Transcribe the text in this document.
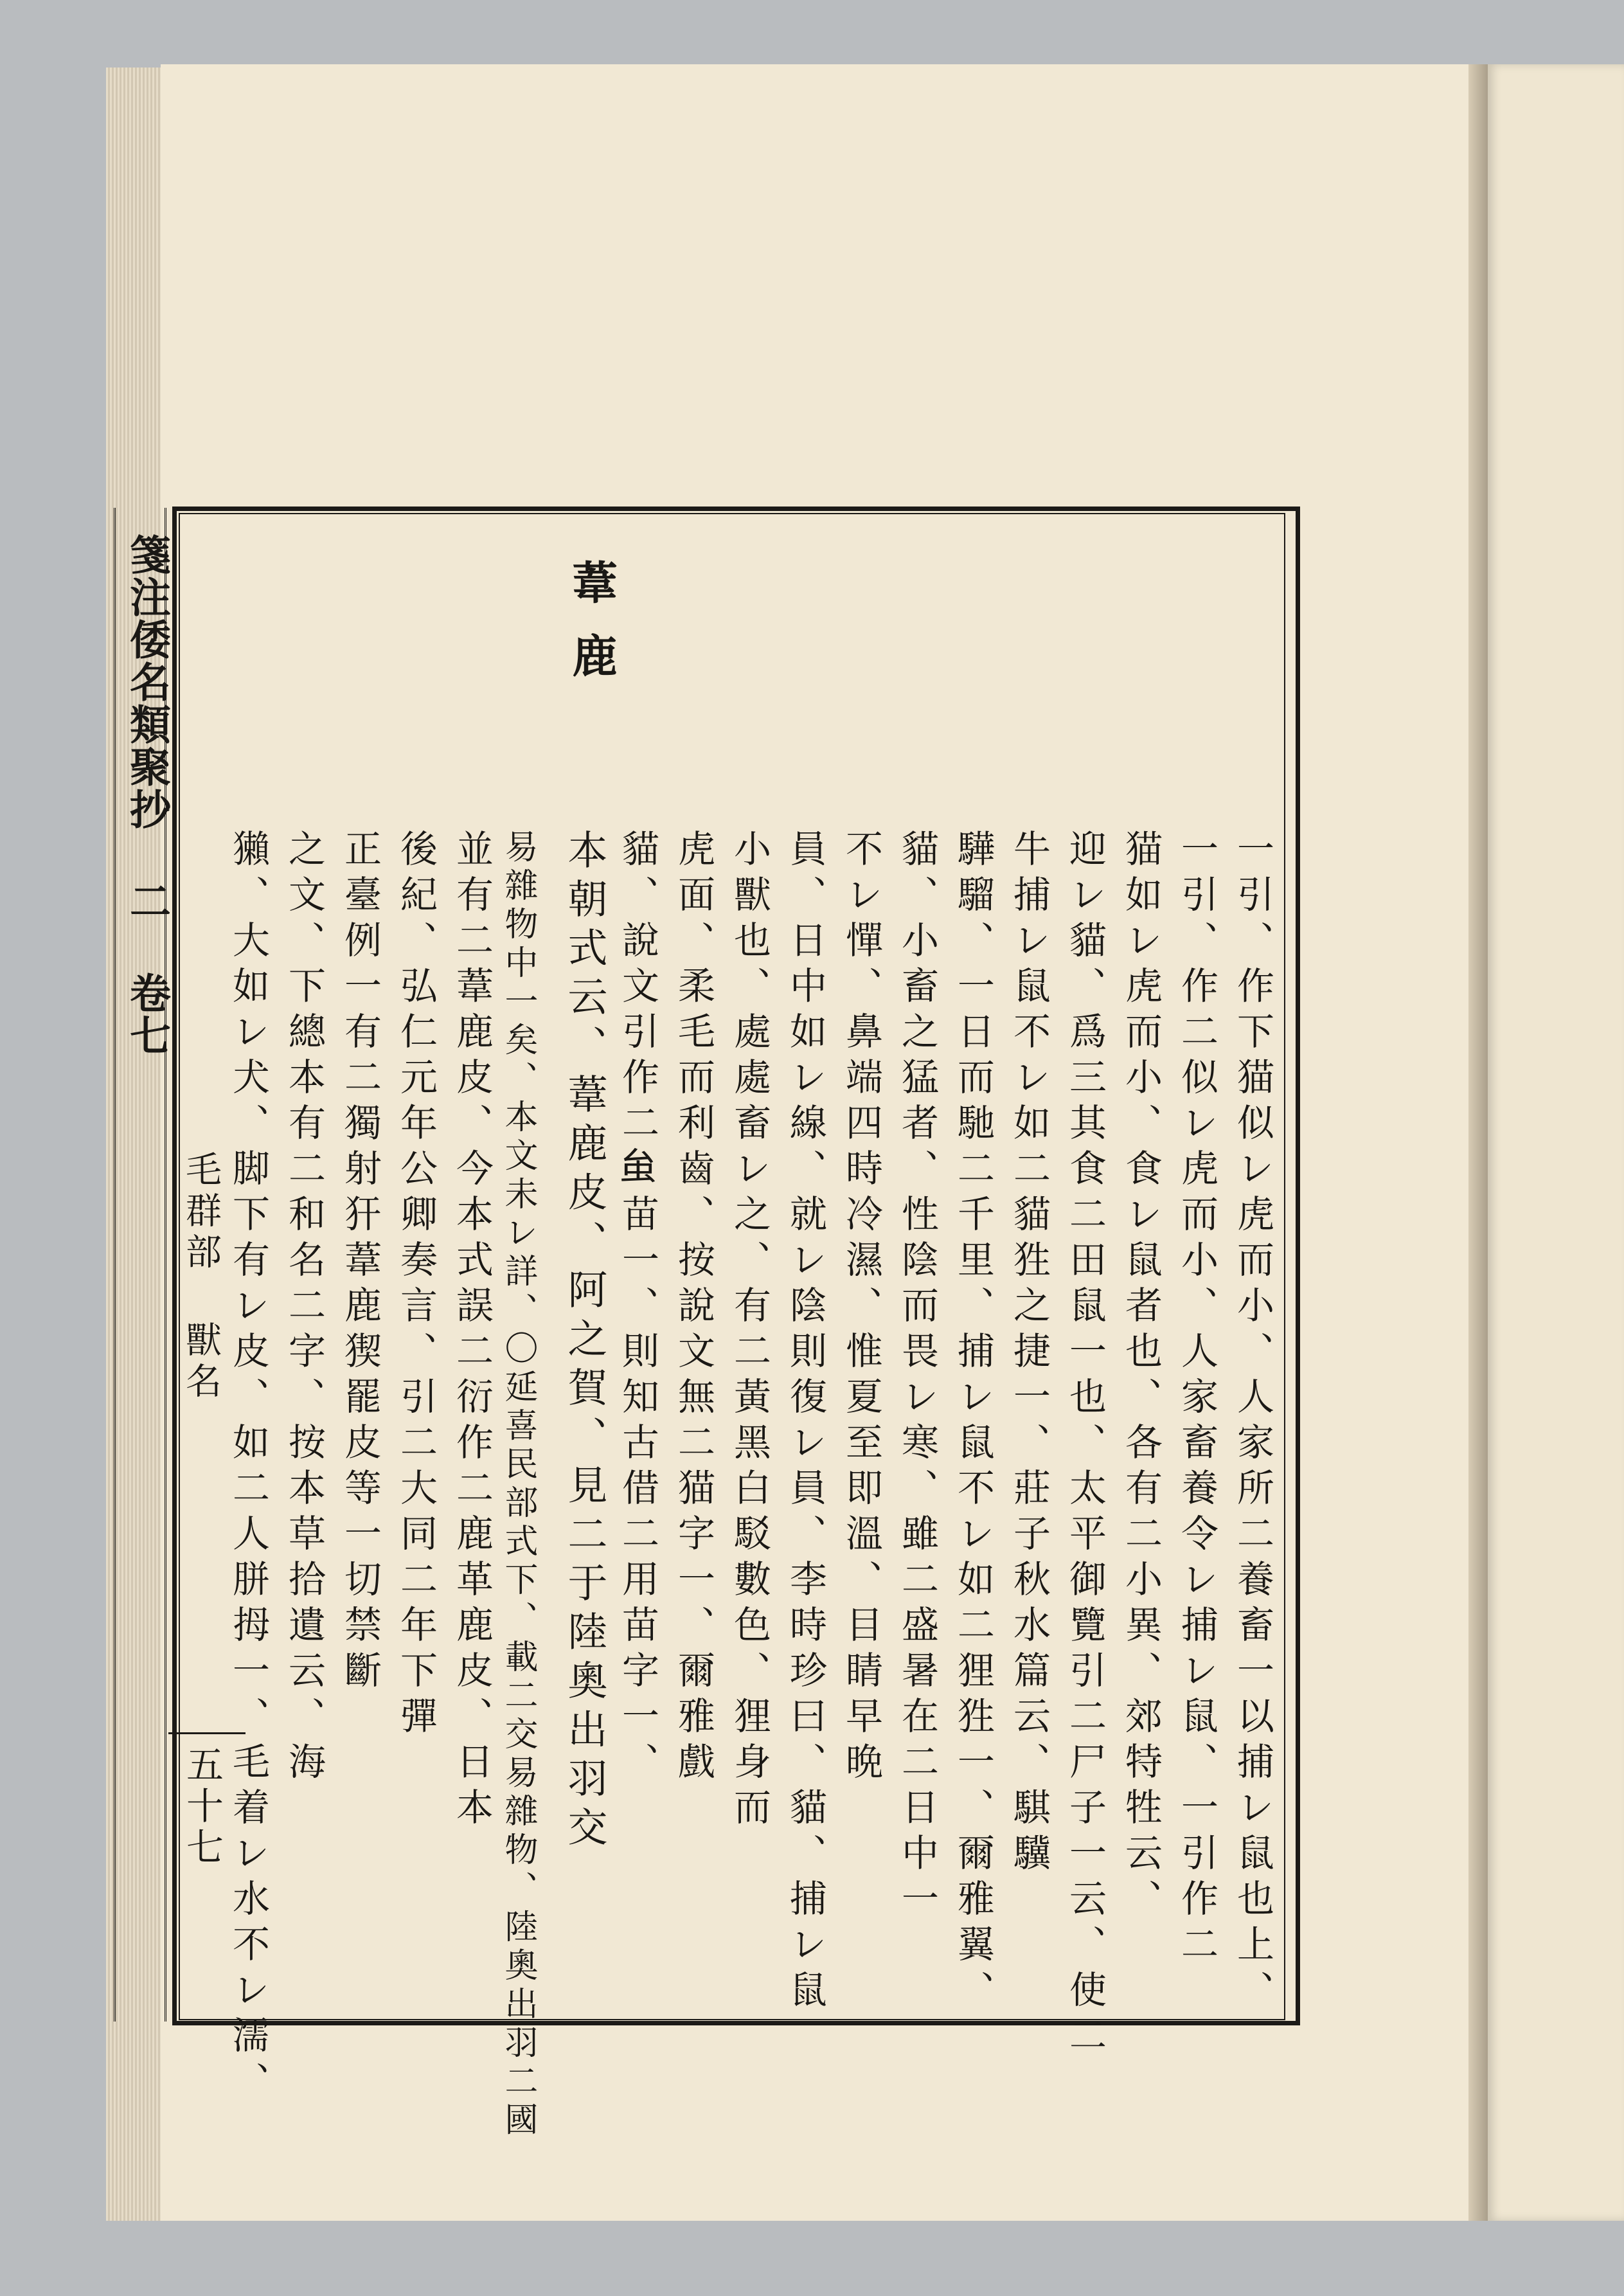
箋注倭名類聚抄 二 卷七
毛群部 獸名
五十七
葦鹿
一引、作下猫似レ虎而小、人家所二養畜一以捕レ鼠也上、
一引、作二似レ虎而小、人家畜養令レ捕レ鼠、一引作二
猫如レ虎而小、食レ鼠者也、各有二小異、郊特牲云、
迎レ貓、爲三其食二田鼠一也、太平御覽引二尸子一云、使二
牛捕レ鼠不レ如二貓狌之捷一、莊子秋水篇云、騏驥
驊騮、一日而馳二千里、捕レ鼠不レ如二狸狌一、爾雅翼、
貓、小畜之猛者、性陰而畏レ寒、雖二盛暑在二日中一
不レ憚、鼻端四時冷濕、惟夏至即溫、目睛早晩
員、日中如レ線、就レ陰則復レ員、李時珍曰、貓、捕レ鼠
小獸也、處處畜レ之、有二黃黑白駁數色、狸身而
虎面、柔毛而利齒、按說文無二猫字一、爾雅戲
貓、說文引作二𧈧苗一、則知古借二用苗字一、
本朝式云、葦鹿皮、阿之賀、見二于陸奧出羽交
易雜物中一矣、本文未レ詳、〇延喜民部式下、載二交易雜物、陸奧出羽二國
並有二葦鹿皮、今本式誤二衍作二鹿革鹿皮、日本
後紀、弘仁元年公卿奏言、引二大同二年下彈
正臺例一有二獨射犴葦鹿猰罷皮等一切禁斷
之文、下總本有二和名二字、按本草拾遺云、海
獺、大如レ犬、脚下有レ皮、如二人胼拇一、毛着レ水不レ濡、
